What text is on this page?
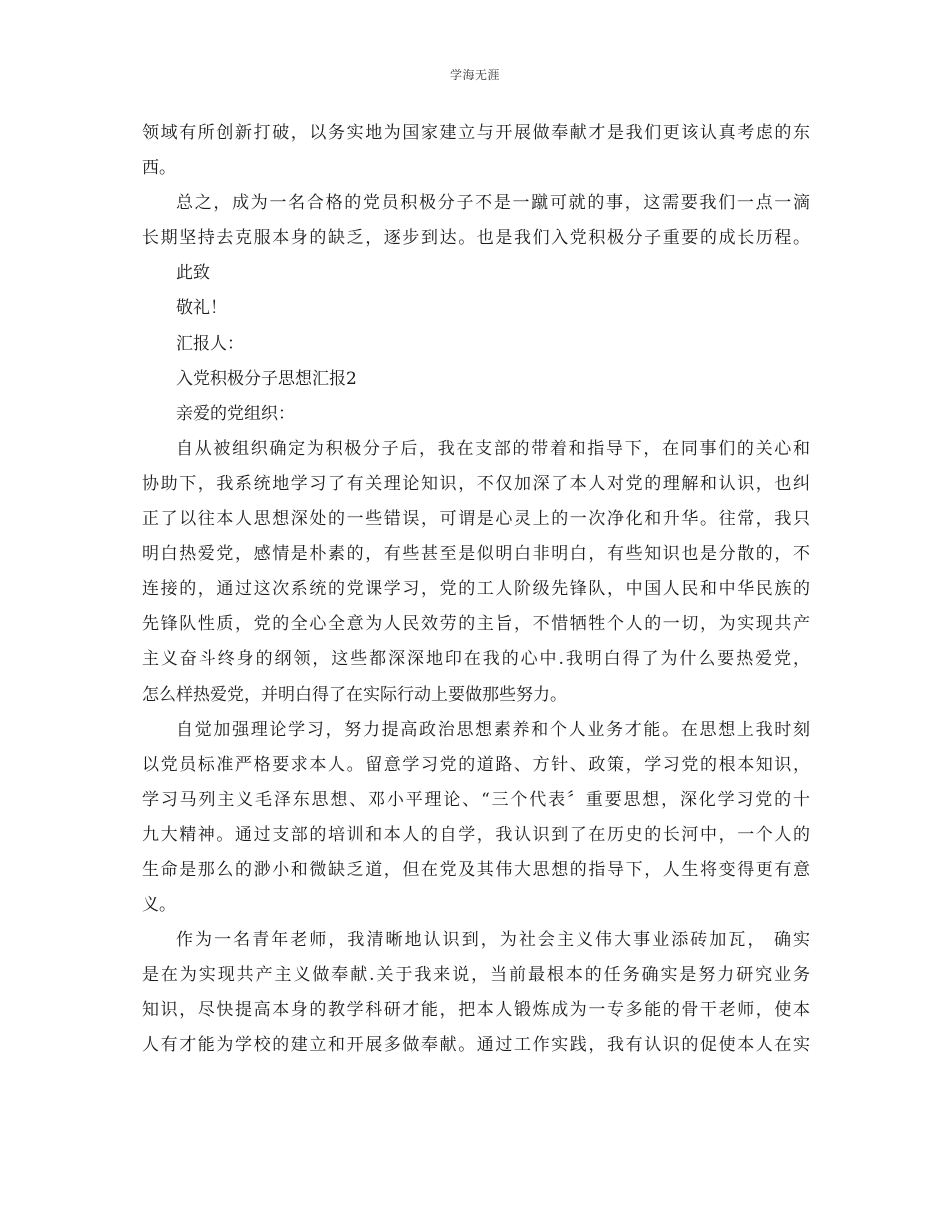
学海无涯
领域有所创新打破，以务实地为国家建立与开展做奉献才是我们更该认真考虑的东
西。
总之，成为一名合格的党员积极分子不是一蹴可就的事，这需要我们一点一滴
长期坚持去克服本身的缺乏，逐步到达。也是我们入党积极分子重要的成长历程。
此致
敬礼！
汇报人：
入党积极分子思想汇报2
亲爱的党组织：
自从被组织确定为积极分子后，我在支部的带着和指导下，在同事们的关心和
协助下，我系统地学习了有关理论知识，不仅加深了本人对党的理解和认识，也纠
正了以往本人思想深处的一些错误，可谓是心灵上的一次净化和升华。往常，我只
明白热爱党，感情是朴素的，有些甚至是似明白非明白，有些知识也是分散的，不
连接的，通过这次系统的党课学习，党的工人阶级先锋队，中国人民和中华民族的
先锋队性质，党的全心全意为人民效劳的主旨，不惜牺牲个人的一切，为实现共产
主义奋斗终身的纲领，这些都深深地印在我的心中.我明白得了为什么要热爱党，
怎么样热爱党，并明白得了在实际行动上要做那些努力。
自觉加强理论学习，努力提高政治思想素养和个人业务才能。在思想上我时刻
以党员标准严格要求本人。留意学习党的道路、方针、政策，学习党的根本知识，
学习马列主义毛泽东思想、邓小平理论、“三个代表〞重要思想，深化学习党的十
九大精神。通过支部的培训和本人的自学，我认识到了在历史的长河中，一个人的
生命是那么的渺小和微缺乏道，但在党及其伟大思想的指导下，人生将变得更有意
义。
作为一名青年老师，我清晰地认识到，为社会主义伟大事业添砖加瓦， 确实
是在为实现共产主义做奉献.关于我来说，当前最根本的任务确实是努力研究业务
知识，尽快提高本身的教学科研才能，把本人锻炼成为一专多能的骨干老师，使本
人有才能为学校的建立和开展多做奉献。通过工作实践，我有认识的促使本人在实
